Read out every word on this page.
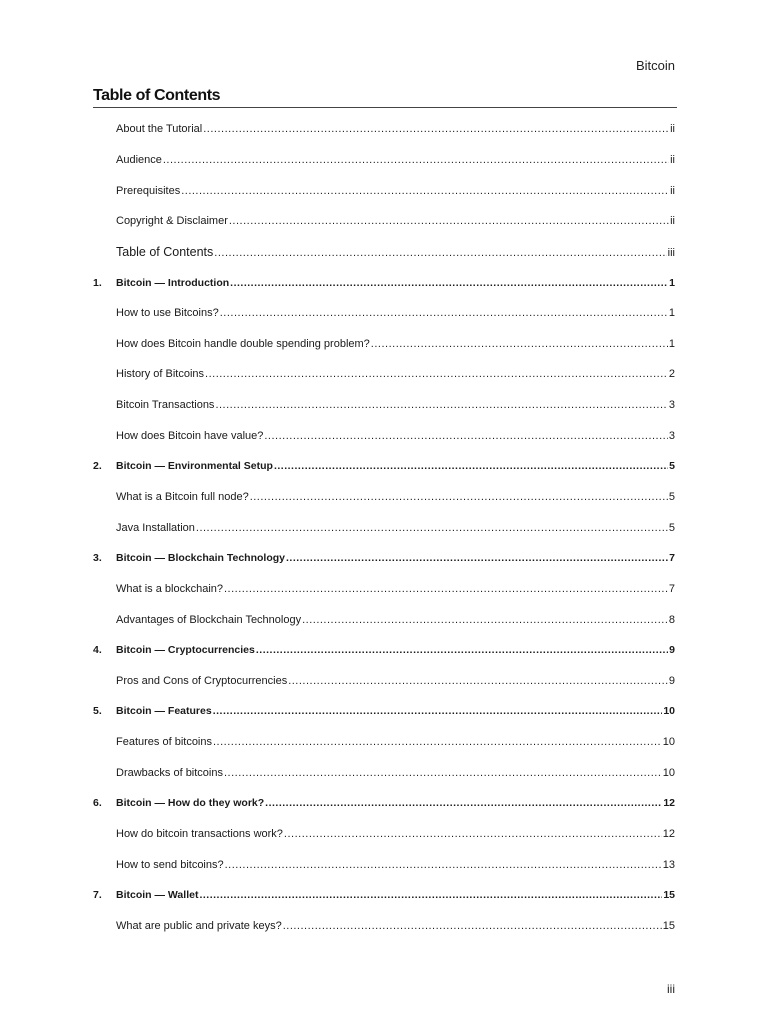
Bitcoin
Table of Contents
About the Tutorial .....	ii
Audience .....	ii
Prerequisites .....	ii
Copyright & Disclaimer .....	ii
Table of Contents .....	iii
1.	Bitcoin — Introduction .....	1
How to use Bitcoins? .....	1
How does Bitcoin handle double spending problem? .....	1
History of Bitcoins .....	2
Bitcoin Transactions .....	3
How does Bitcoin have value? .....	3
2.	Bitcoin — Environmental Setup .....	5
What is a Bitcoin full node? .....	5
Java Installation .....	5
3.	Bitcoin — Blockchain Technology .....	7
What is a blockchain? .....	7
Advantages of Blockchain Technology .....	8
4.	Bitcoin — Cryptocurrencies .....	9
Pros and Cons of Cryptocurrencies .....	9
5.	Bitcoin — Features .....	10
Features of bitcoins .....	10
Drawbacks of bitcoins .....	10
6.	Bitcoin — How do they work? .....	12
How do bitcoin transactions work? .....	12
How to send bitcoins? .....	13
7.	Bitcoin — Wallet .....	15
What are public and private keys? .....	15
iii
